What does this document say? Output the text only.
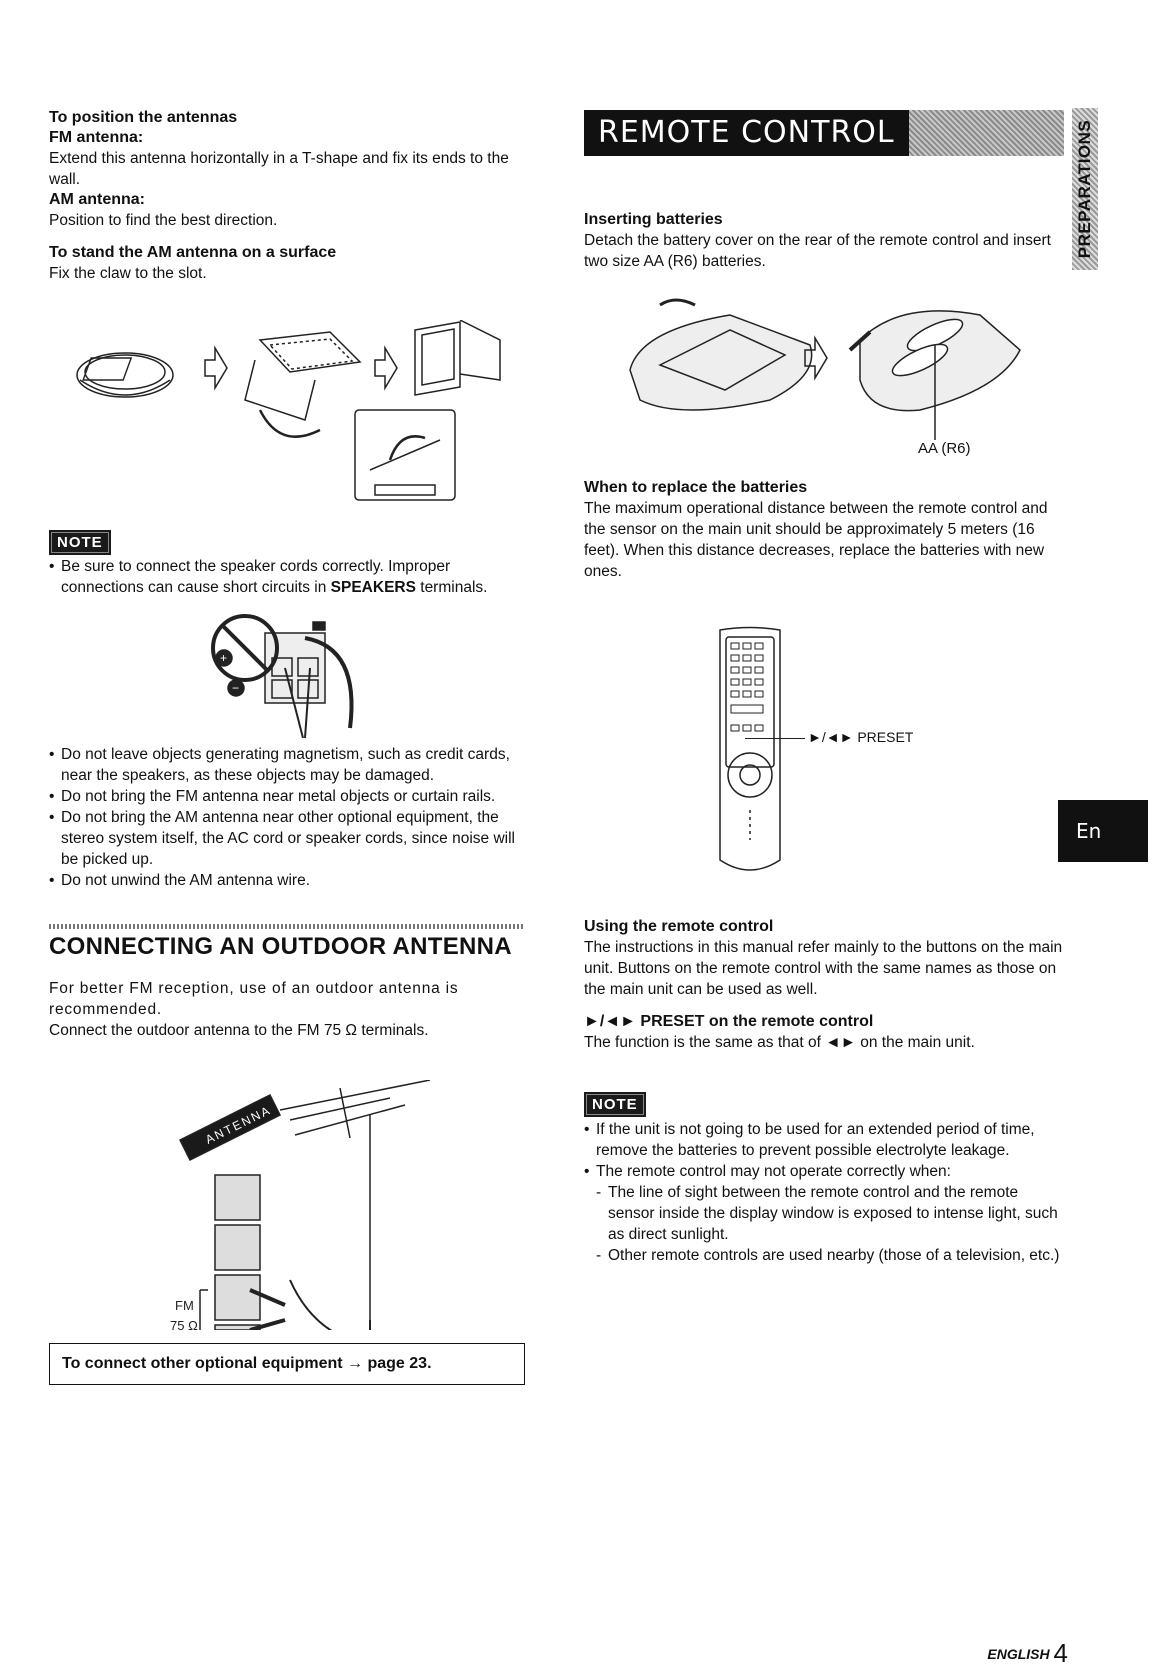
To position the antennas
FM antenna:

Extend this antenna horizontally in a T-shape and fix its ends to the wall.

AM antenna:

Position to find the best direction.

To stand the AM antenna on a surface

Fix the claw to the slot.

NOTE
• Be sure to connect the speaker cords correctly. Improper connections can cause short circuits in SPEAKERS terminals.
+
−
• Do not leave objects generating magnetism, such as credit cards, near the speakers, as these objects may be damaged.
• Do not bring the FM antenna near metal objects or curtain rails.
• Do not bring the AM antenna near other optional equipment, the stereo system itself, the AC cord or speaker cords, since noise will be picked up.
• Do not unwind the AM antenna wire.
CONNECTING AN OUTDOOR ANTENNA

For better FM reception, use of an outdoor antenna is recommended.

Connect the outdoor antenna to the FM 75 Ω terminals.

ANTENNA
FM
75 Ω
To connect other optional equipment → page 23.
REMOTE CONTROL	PREPARATIONS
Inserting batteries

Detach the battery cover on the rear of the remote control and insert two size AA (R6) batteries.

AA (R6)
When to replace the batteries

The maximum operational distance between the remote control and the sensor on the main unit should be approximately 5 meters (16 feet). When this distance decreases, replace the batteries with new ones.

►/◄► PRESET
Using the remote control

The instructions in this manual refer mainly to the buttons on the main unit. Buttons on the remote control with the same names as those on the main unit can be used as well.

►/◄► PRESET on the remote control

The function is the same as that of ◄► on the main unit.

NOTE
• If the unit is not going to be used for an extended period of time, remove the batteries to prevent possible electrolyte leakage.
• The remote control may not operate correctly when:
- The line of sight between the remote control and the remote sensor inside the display window is exposed to intense light, such as direct sunlight.
- Other remote controls are used nearby (those of a television, etc.)
En
ENGLISH 4
